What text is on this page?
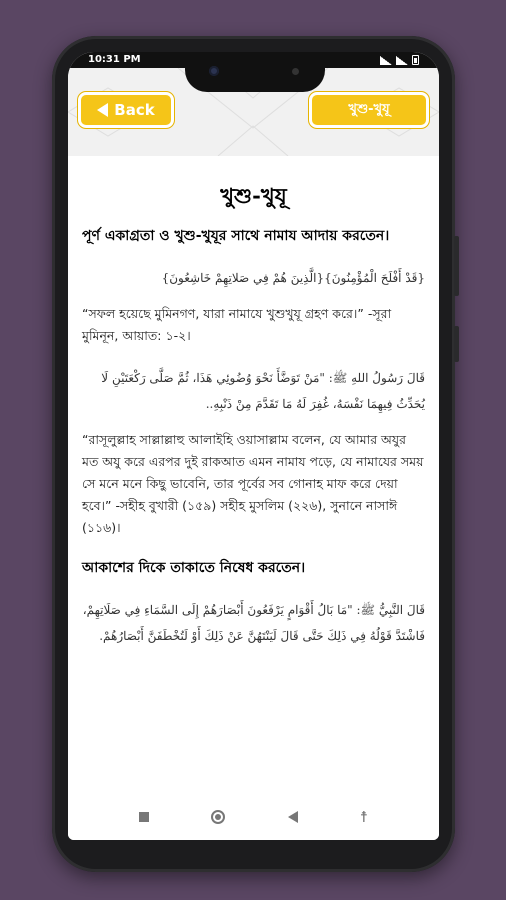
10:31 PM
Back	খুশু-খুযূ
খুশু-খুযূ
পূর্ণ একাগ্রতা ও খুশু-খুযূর সাথে নামায আদায় করতেন।
{قَدْ أَفْلَحَ الْمُؤْمِنُونَ}{الَّذِينَ هُمْ فِي صَلاتِهِمْ خَاشِعُونَ}
“সফল হয়েছে মুমিনগণ, যারা নামাযে খুশুখুযূ গ্রহণ করে।” -সূরা মুমিনূন, আয়াত: ১-২।
قَالَ رَسُولُ اللهِ ﷺ: "مَنْ تَوَضَّأَ نَحْوَ وُضُوئِي هَذَا، ثُمَّ صَلَّى رَكْعَتَيْنِ لَا يُحَدِّثُ فِيهِمَا نَفْسَهُ، غُفِرَ لَهُ مَا تَقَدَّمَ مِنْ ذَنْبِهِ..
“রাসূলুল্লাহ সাল্লাল্লাহু আলাইহি ওয়াসাল্লাম বলেন, যে আমার অযুর মত অযু করে এরপর দুই রাকআত এমন নামায পড়ে, যে নামাযের সময় সে মনে মনে কিছু ভাবেনি, তার পূর্বের সব গোনাহ মাফ করে দেয়া হবে।” -সহীহ বুখারী (১৫৯) সহীহ মুসলিম (২২৬), সুনানে নাসাঈ (১১৬)।
আকাশের দিকে তাকাতে নিষেধ করতেন।
قَالَ النَّبِيُّ ﷺ: "مَا بَالُ أَقْوَامٍ يَرْفَعُونَ أَبْصَارَهُمْ إِلَى السَّمَاءِ فِي صَلَاتِهِمْ، فَاشْتَدَّ قَوْلُهُ فِي ذَلِكَ حَتَّى قَالَ لَيَنْتَهُنَّ عَنْ ذَلِكَ أَوْ لَتُخْطَفَنَّ أَبْصَارُهُمْ.
☨
